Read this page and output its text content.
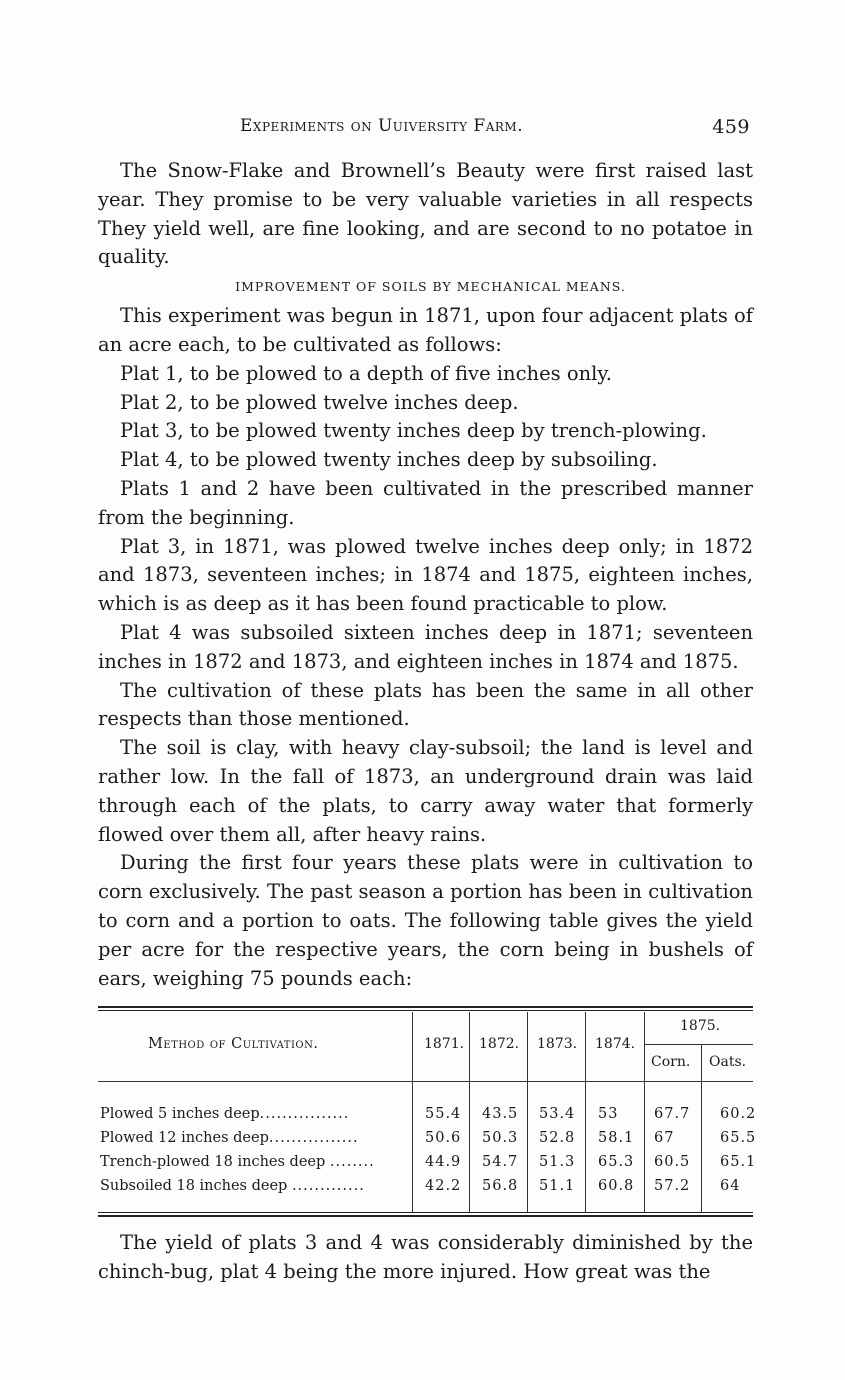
Experiments on Uuiversity Farm.	459

The Snow-Flake and Brownell’s Beauty were first raised last year. They promise to be very valuable varieties in all respects They yield well, are fine looking, and are second to no potatoe in quality.

IMPROVEMENT OF SOILS BY MECHANICAL MEANS.

This experiment was begun in 1871, upon four adjacent plats of an acre each, to be cultivated as follows:

Plat 1, to be plowed to a depth of five inches only.

Plat 2, to be plowed twelve inches deep.

Plat 3, to be plowed twenty inches deep by trench-plowing.

Plat 4, to be plowed twenty inches deep by subsoiling.

Plats 1 and 2 have been cultivated in the prescribed manner from the beginning.

Plat 3, in 1871, was plowed twelve inches deep only; in 1872 and 1873, seventeen inches; in 1874 and 1875, eighteen inches, which is as deep as it has been found practicable to plow.

Plat 4 was subsoiled sixteen inches deep in 1871; seventeen inches in 1872 and 1873, and eighteen inches in 1874 and 1875.

The cultivation of these plats has been the same in all other respects than those mentioned.

The soil is clay, with heavy clay-subsoil; the land is level and rather low. In the fall of 1873, an underground drain was laid through each of the plats, to carry away water that formerly flowed over them all, after heavy rains.

During the first four years these plats were in cultivation to corn exclusively. The past season a portion has been in cultivation to corn and a portion to oats. The following table gives the yield per acre for the respective years, the corn being in bushels of ears, weighing 75 pounds each:

Method of Cultivation.	1871. 1872. 1873. 1874.
1875.
Corn. Oats.
Plowed 5 inches deep................	55.4 43.5 53.4 53 67.7 60.2
Plowed 12 inches deep................	50.6 50.3 52.8 58.1 67	65.5
Trench-plowed 18 inches deep ........	44.9 54.7 51.3 65.3 60.5 65.1
Subsoiled 18 inches deep .............	42.2 56.8 51.1 60.8 57.2 64

The yield of plats 3 and 4 was considerably diminished by the chinch-bug, plat 4 being the more injured. How great was the
